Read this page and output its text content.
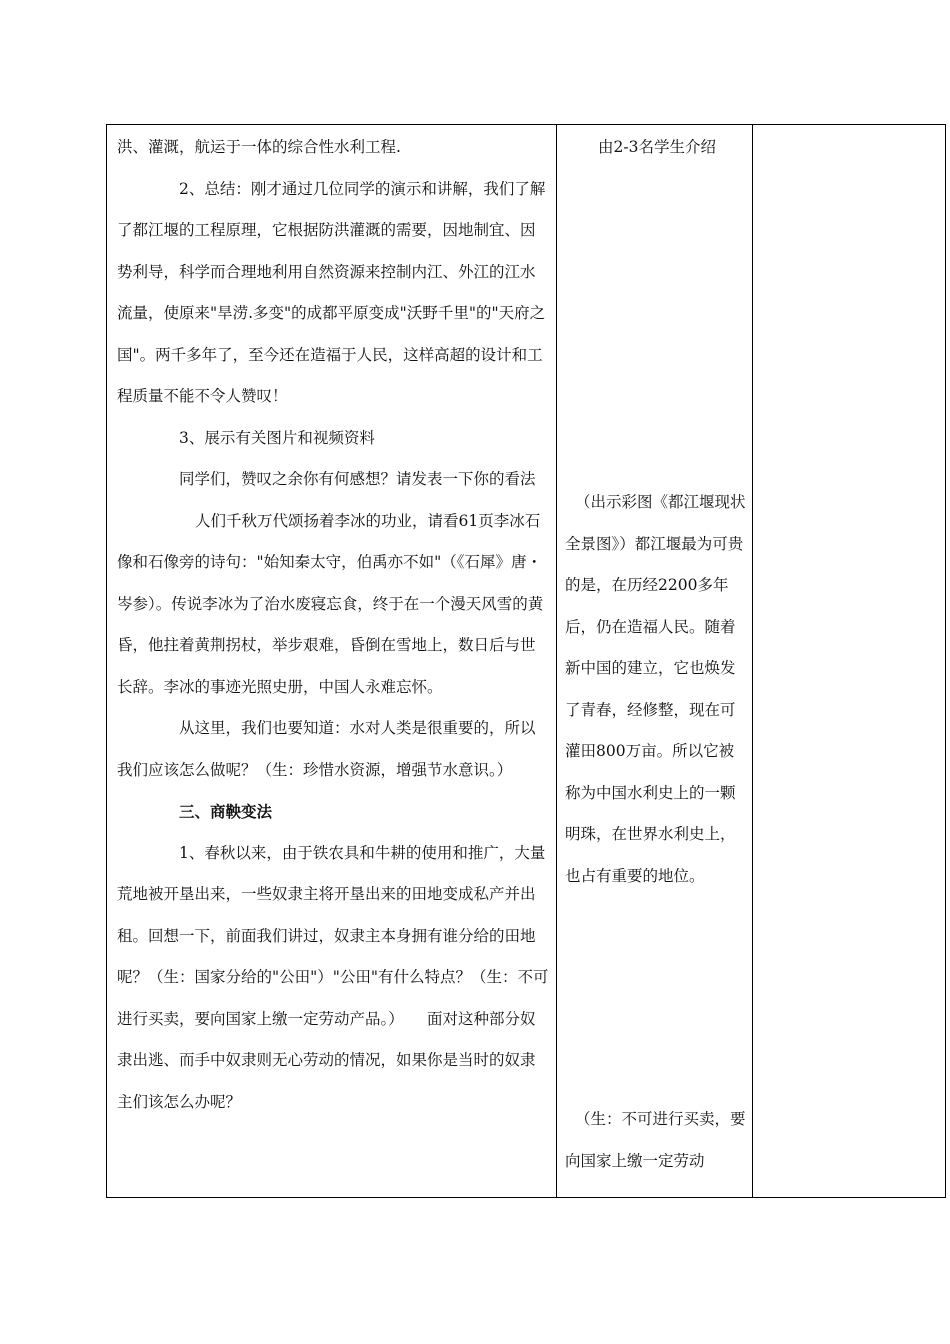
洪、灌溉，航运于一体的综合性水利工程.

2、总结：刚才通过几位同学的演示和讲解，我们了解了都江堰的工程原理，它根据防洪灌溉的需要，因地制宜、因势利导，科学而合理地利用自然资源来控制内江、外江的江水流量，使原来"旱涝.多变"的成都平原变成"沃野千里"的"天府之国"。两千多年了，至今还在造福于人民，这样高超的设计和工程质量不能不令人赞叹！

3、展示有关图片和视频资料

同学们，赞叹之余你有何感想？请发表一下你的看法

人们千秋万代颂扬着李冰的功业，请看61页李冰石像和石像旁的诗句："始知秦太守，伯禹亦不如"（《石犀》唐・岑参）。传说李冰为了治水废寝忘食，终于在一个漫天风雪的黄昏，他拄着黄荆拐杖，举步艰难，昏倒在雪地上，数日后与世长辞。李冰的事迹光照史册，中国人永难忘怀。

从这里，我们也要知道：水对人类是很重要的，所以我们应该怎么做呢？（生：珍惜水资源，增强节水意识。）

三、商鞅变法

1、春秋以来，由于铁农具和牛耕的使用和推广，大量荒地被开垦出来，一些奴隶主将开垦出来的田地变成私产并出租。回想一下，前面我们讲过，奴隶主本身拥有谁分给的田地呢？（生：国家分给的"公田"）"公田"有什么特点？（生：不可进行买卖，要向国家上缴一定劳动产品。）　　面对这种部分奴隶出逃、而手中奴隶则无心劳动的情况，如果你是当时的奴隶主们该怎么办呢？

由2-3名学生介绍

（出示彩图《都江堰现状全景图》）都江堰最为可贵的是，在历经2200多年后，仍在造福人民。随着新中国的建立，它也焕发了青春，经修整，现在可灌田800万亩。所以它被称为中国水利史上的一颗明珠，在世界水利史上，也占有重要的地位。

（生：不可进行买卖，要向国家上缴一定劳动
